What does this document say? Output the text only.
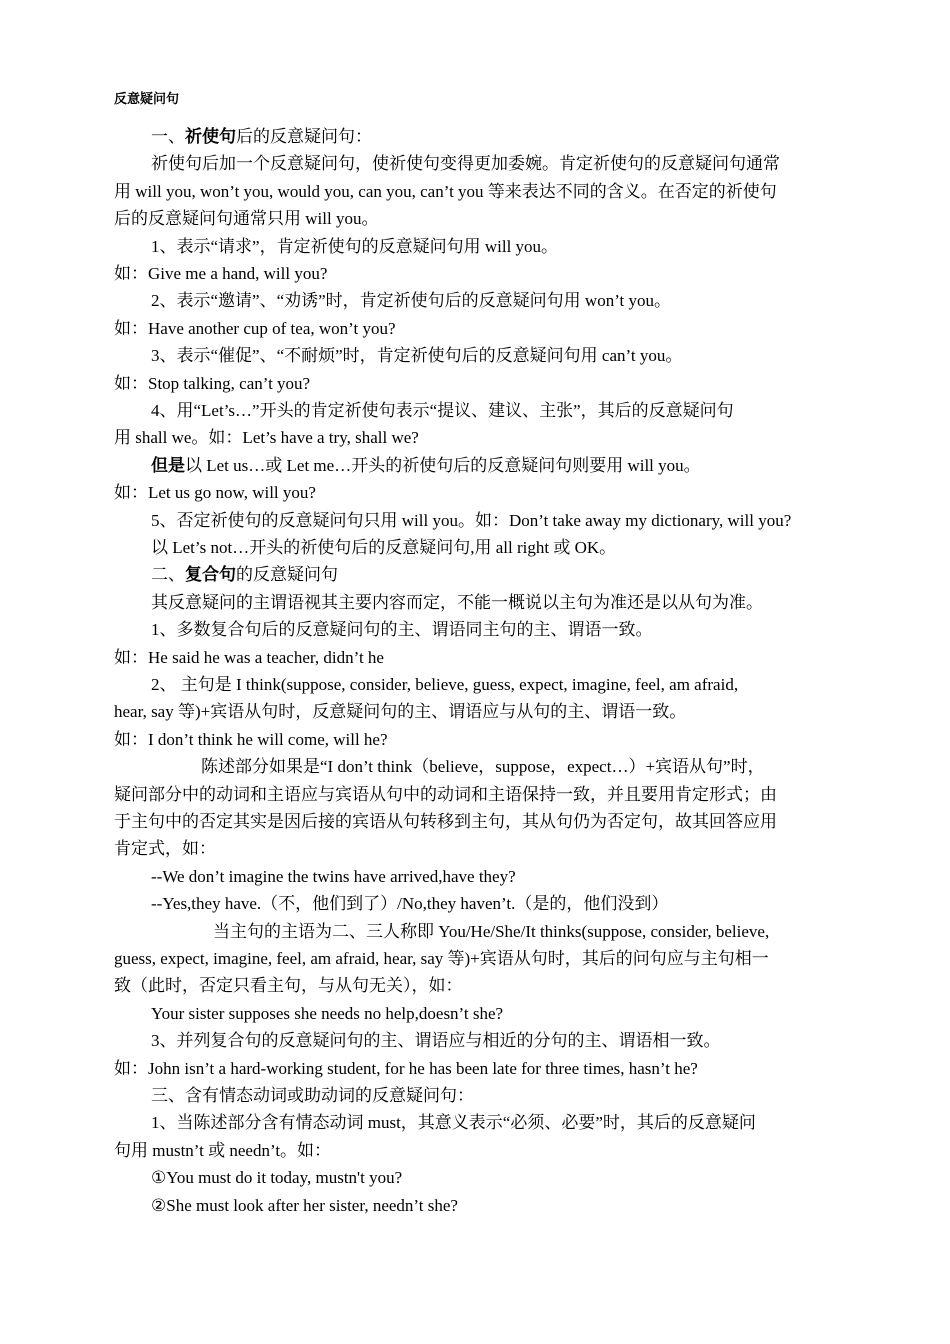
反意疑问句
一、祈使句后的反意疑问句：
祈使句后加一个反意疑问句，使祈使句变得更加委婉。肯定祈使句的反意疑问句通常
用 will you, won’t you, would you, can you, can’t you 等来表达不同的含义。在否定的祈使句
后的反意疑问句通常只用 will you。
1、表示“请求”，肯定祈使句的反意疑问句用 will you。
如：Give me a hand, will you?
2、表示“邀请”、“劝诱”时，肯定祈使句后的反意疑问句用 won’t you。
如：Have another cup of tea, won’t you?
3、表示“催促”、“不耐烦”时，肯定祈使句后的反意疑问句用 can’t you。
如：Stop talking, can’t you?
4、用“Let’s…”开头的肯定祈使句表示“提议、建议、主张”，其后的反意疑问句
用 shall we。如：Let’s have a try, shall we?
但是以 Let us…或 Let me…开头的祈使句后的反意疑问句则要用 will you。
如：Let us go now, will you?
5、否定祈使句的反意疑问句只用 will you。如：Don’t take away my dictionary, will you?
以 Let’s not…开头的祈使句后的反意疑问句,用 all right 或 OK。
二、复合句的反意疑问句
其反意疑问的主谓语视其主要内容而定，不能一概说以主句为准还是以从句为准。
1、多数复合句后的反意疑问句的主、谓语同主句的主、谓语一致。
如：He said he was a teacher, didn’t he
2、 主句是 I think(suppose, consider, believe, guess, expect, imagine, feel, am afraid,
hear, say 等)+宾语从句时，反意疑问句的主、谓语应与从句的主、谓语一致。
如：I don’t think he will come, will he?
陈述部分如果是“I don’t think（believe，suppose，expect…）+宾语从句”时，
疑问部分中的动词和主语应与宾语从句中的动词和主语保持一致，并且要用肯定形式；由
于主句中的否定其实是因后接的宾语从句转移到主句，其从句仍为否定句，故其回答应用
肯定式，如：
--We don’t imagine the twins have arrived,have they?
--Yes,they have.（不，他们到了）/No,they haven’t.（是的，他们没到）
当主句的主语为二、三人称即 You/He/She/It thinks(suppose, consider, believe,
guess, expect, imagine, feel, am afraid, hear, say 等)+宾语从句时，其后的问句应与主句相一
致（此时，否定只看主句，与从句无关），如：
Your sister supposes she needs no help,doesn’t she?
3、并列复合句的反意疑问句的主、谓语应与相近的分句的主、谓语相一致。
如：John isn’t a hard-working student, for he has been late for three times, hasn’t he?
三、含有情态动词或助动词的反意疑问句：
1、当陈述部分含有情态动词 must，其意义表示“必须、必要”时，其后的反意疑问
句用 mustn’t 或 needn’t。如：
①You must do it today, mustn't you?
②She must look after her sister, needn’t she?
